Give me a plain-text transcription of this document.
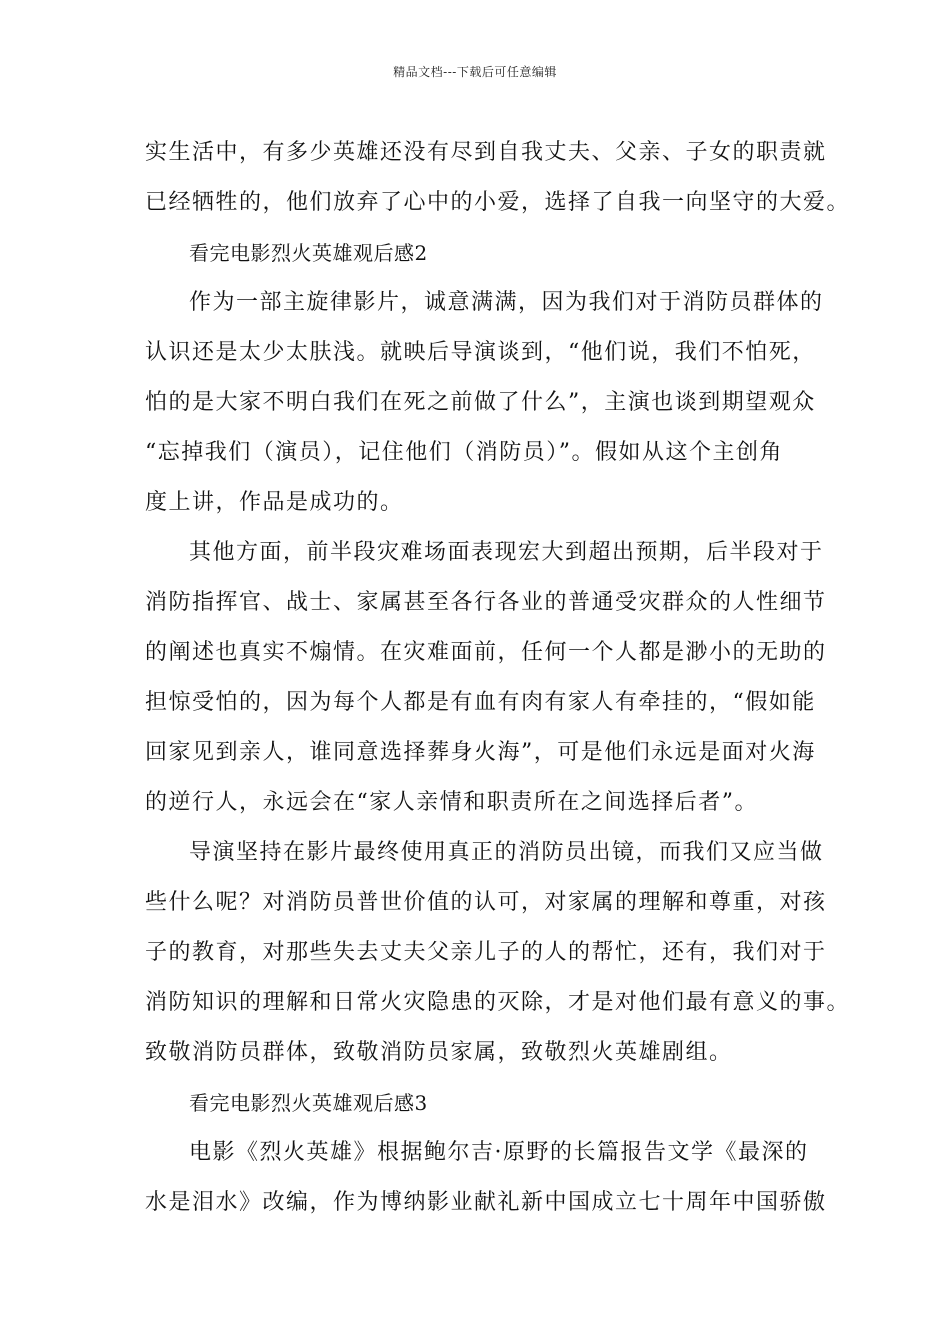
精品文档---下载后可任意编辑
实生活中，有多少英雄还没有尽到自我丈夫、父亲、子女的职责就
已经牺牲的，他们放弃了心中的小爱，选择了自我一向坚守的大爱。
看完电影烈火英雄观后感2
作为一部主旋律影片，诚意满满，因为我们对于消防员群体的
认识还是太少太肤浅。就映后导演谈到，“他们说，我们不怕死，
怕的是大家不明白我们在死之前做了什么”，主演也谈到期望观众
“忘掉我们（演员），记住他们（消防员）”。假如从这个主创角
度上讲，作品是成功的。
其他方面，前半段灾难场面表现宏大到超出预期，后半段对于
消防指挥官、战士、家属甚至各行各业的普通受灾群众的人性细节
的阐述也真实不煽情。在灾难面前，任何一个人都是渺小的无助的
担惊受怕的，因为每个人都是有血有肉有家人有牵挂的，“假如能
回家见到亲人，谁同意选择葬身火海”，可是他们永远是面对火海
的逆行人，永远会在“家人亲情和职责所在之间选择后者”。
导演坚持在影片最终使用真正的消防员出镜，而我们又应当做
些什么呢？对消防员普世价值的认可，对家属的理解和尊重，对孩
子的教育，对那些失去丈夫父亲儿子的人的帮忙，还有，我们对于
消防知识的理解和日常火灾隐患的灭除，才是对他们最有意义的事。
致敬消防员群体，致敬消防员家属，致敬烈火英雄剧组。
看完电影烈火英雄观后感3
电影《烈火英雄》根据鲍尔吉·原野的长篇报告文学《最深的
水是泪水》改编，作为博纳影业献礼新中国成立七十周年中国骄傲
